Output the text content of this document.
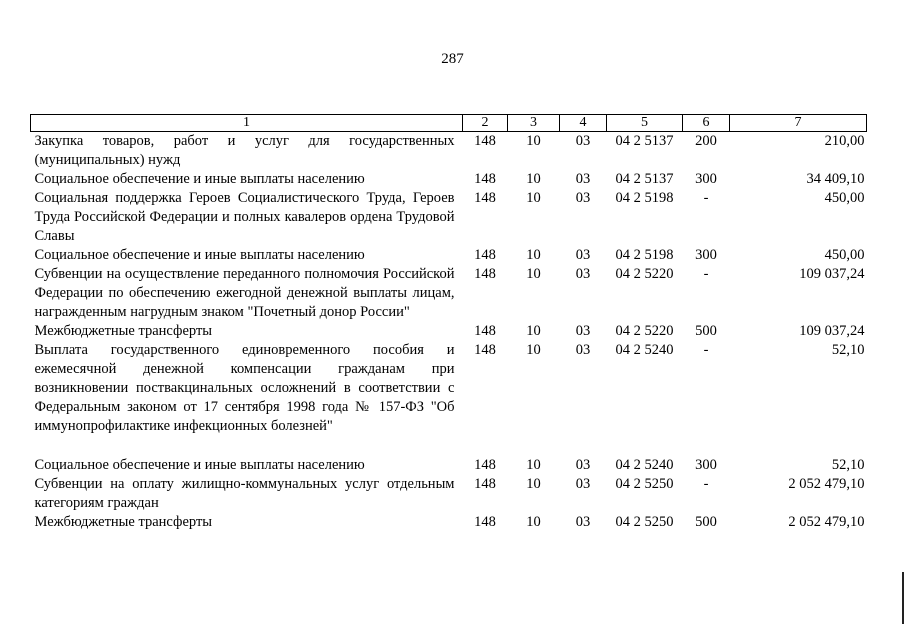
287
1	2	3	4	5	6	7
Закупка товаров, работ и услуг для государственных (муниципальных) нужд	148	10	03	04 2 5137	200	210,00
Социальное обеспечение и иные выплаты населению	148	10	03	04 2 5137	300	34 409,10
Социальная поддержка Героев Социалистического Труда, Героев Труда Российской Федерации и полных кавалеров ордена Трудовой Славы	148	10	03	04 2 5198	-	450,00
Социальное обеспечение и иные выплаты населению	148	10	03	04 2 5198	300	450,00
Субвенции на осуществление переданного полномочия Российской Федерации по обеспечению ежегодной денежной выплаты лицам, награжденным нагрудным знаком "Почетный донор России"	148	10	03	04 2 5220	-	109 037,24
Межбюджетные трансферты	148	10	03	04 2 5220	500	109 037,24
Выплата государственного единовременного пособия и ежемесячной денежной компенсации гражданам при возникновении поствакцинальных осложнений в соответствии с Федеральным законом от 17 сентября 1998 года № 157-ФЗ "Об иммунопрофилактике инфекционных болезней"	148	10	03	04 2 5240	-	52,10

Социальное обеспечение и иные выплаты населению	148	10	03	04 2 5240	300	52,10
Субвенции на оплату жилищно-коммунальных услуг отдельным категориям граждан	148	10	03	04 2 5250	-	2 052 479,10
Межбюджетные трансферты	148	10	03	04 2 5250	500	2 052 479,10
